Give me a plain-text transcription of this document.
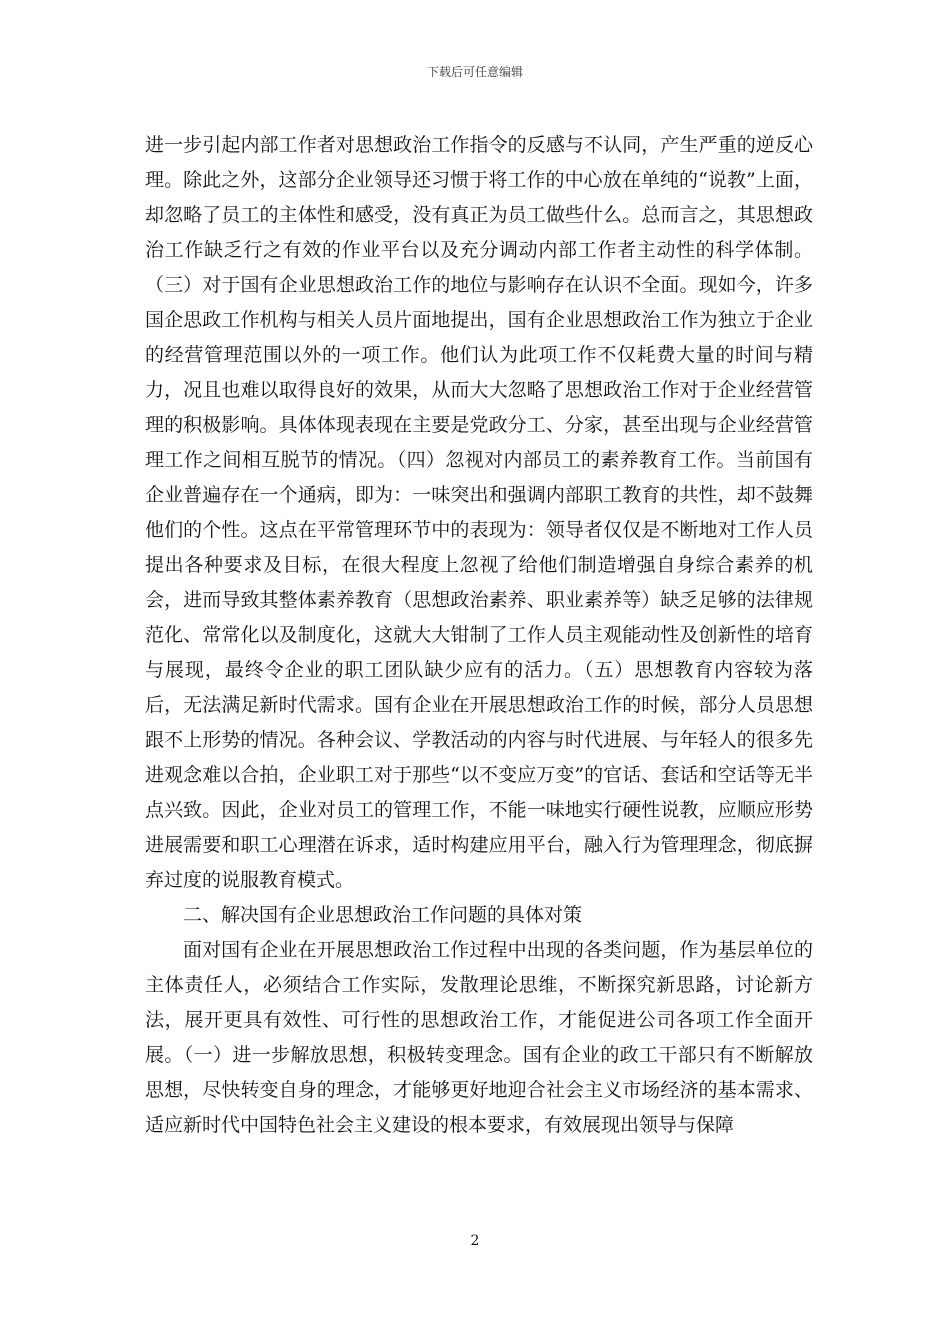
下载后可任意编辑

进一步引起内部工作者对思想政治工作指令的反感与不认同，产生严重的逆反心理。除此之外，这部分企业领导还习惯于将工作的中心放在单纯的“说教”上面，却忽略了员工的主体性和感受，没有真正为员工做些什么。总而言之，其思想政治工作缺乏行之有效的作业平台以及充分调动内部工作者主动性的科学体制。（三）对于国有企业思想政治工作的地位与影响存在认识不全面。现如今，许多国企思政工作机构与相关人员片面地提出，国有企业思想政治工作为独立于企业的经营管理范围以外的一项工作。他们认为此项工作不仅耗费大量的时间与精力，况且也难以取得良好的效果，从而大大忽略了思想政治工作对于企业经营管理的积极影响。具体体现表现在主要是党政分工、分家，甚至出现与企业经营管理工作之间相互脱节的情况。（四）忽视对内部员工的素养教育工作。当前国有企业普遍存在一个通病，即为：一味突出和强调内部职工教育的共性，却不鼓舞他们的个性。这点在平常管理环节中的表现为：领导者仅仅是不断地对工作人员提出各种要求及目标，在很大程度上忽视了给他们制造增强自身综合素养的机会，进而导致其整体素养教育（思想政治素养、职业素养等）缺乏足够的法律规范化、常常化以及制度化，这就大大钳制了工作人员主观能动性及创新性的培育与展现，最终令企业的职工团队缺少应有的活力。（五）思想教育内容较为落后，无法满足新时代需求。国有企业在开展思想政治工作的时候，部分人员思想跟不上形势的情况。各种会议、学教活动的内容与时代进展、与年轻人的很多先进观念难以合拍，企业职工对于那些“以不变应万变”的官话、套话和空话等无半点兴致。因此，企业对员工的管理工作，不能一味地实行硬性说教，应顺应形势进展需要和职工心理潜在诉求，适时构建应用平台，融入行为管理理念，彻底摒弃过度的说服教育模式。

二、解决国有企业思想政治工作问题的具体对策

面对国有企业在开展思想政治工作过程中出现的各类问题，作为基层单位的主体责任人，必须结合工作实际，发散理论思维，不断探究新思路，讨论新方法，展开更具有效性、可行性的思想政治工作，才能促进公司各项工作全面开展。（一）进一步解放思想，积极转变理念。国有企业的政工干部只有不断解放思想，尽快转变自身的理念，才能够更好地迎合社会主义市场经济的基本需求、适应新时代中国特色社会主义建设的根本要求，有效展现出领导与保障

2
